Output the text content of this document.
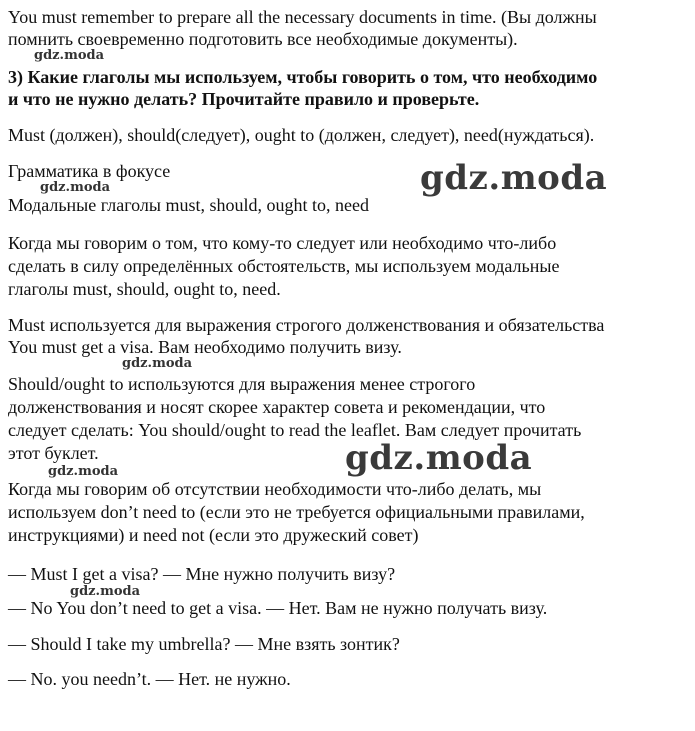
You must remember to prepare all the necessary documents in time. (Вы должны
помнить своевременно подготовить все необходимые документы).
3) Какие глаголы мы используем, чтобы говорить о том, что необходимо
и что не нужно делать? Прочитайте правило и проверьте.
Must (должен), should(следует), ought to (должен, следует), need(нуждаться).
Грамматика в фокусе
Модальные глаголы must, should, ought to, need
Когда мы говорим о том, что кому-то следует или необходимо что-либо
сделать в силу определённых обстоятельств, мы используем модальные
глаголы must, should, ought to, need.
Must используется для выражения строгого долженствования и обязательства
You must get a visa. Вам необходимо получить визу.
Should/ought to используются для выражения менее строгого
долженствования и носят скорее характер совета и рекомендации, что
следует сделать: You should/ought to read the leaflet. Вам следует прочитать
этот буклет.
Когда мы говорим об отсутствии необходимости что-либо делать, мы
используем don’t need to (если это не требуется официальными правилами,
инструкциями) и need not (если это дружеский совет)
— Must I get a visa? — Мне нужно получить визу?
— No You don’t need to get a visa. — Нет. Вам не нужно получать визу.
— Should I take my umbrella? — Мне взять зонтик?
— No. you needn’t. — Нет. не нужно.
gdz.moda
gdz.moda	gdz.moda
gdz.moda
gdz.moda
gdz.moda
gdz.moda
